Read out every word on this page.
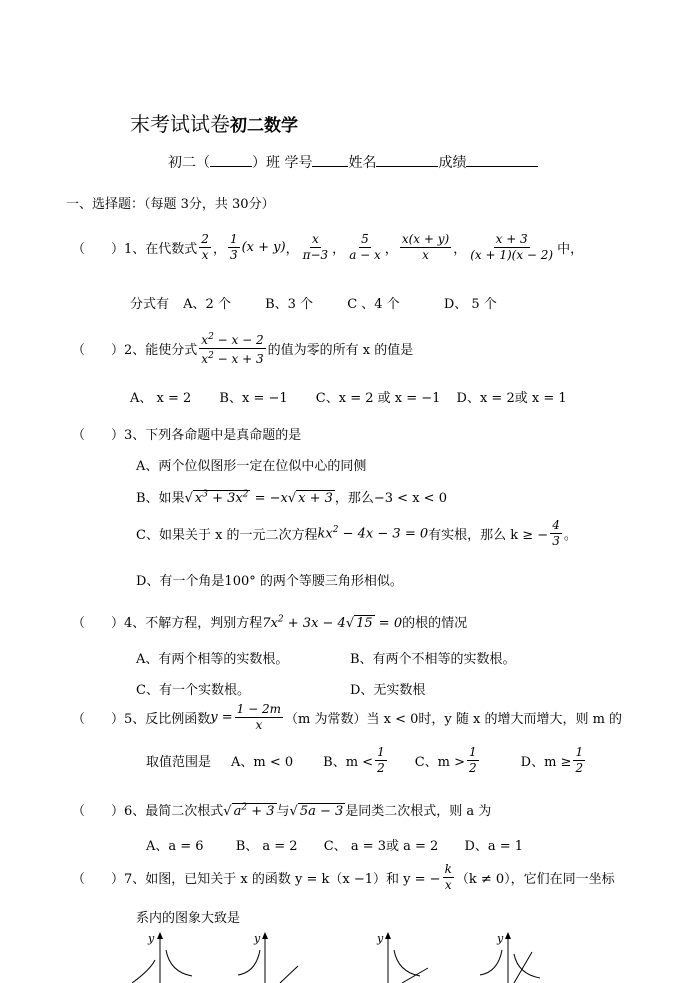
末考试试卷初二数学
初二（	）班 学号	姓名	成绩
一、选择题：（每题 3分，共 30分）
（　　） 1、在代数式 $\frac{2}{x}$ ， $\frac{1}{3} (x + y)$ ， $\frac{x}{\pi-3}$ ， $\frac{5}{a - x}$ ， $\frac{x(x + y)}{x}$ ， $\frac{x + 3}{(x + 1)(x - 2)}$ 中，
分式有 A、2 个	B、3 个	C 、4 个	D、 5 个
（　　） 2、能使分式 $\frac{x^2 - x - 2}{x^2 - x + 3}$ 的值为零的所有 x 的值是
A、 x = 2 B、x = −1 C、x = 2 或 x = −1 D、x = 2或 x = 1
（　　）3、下列各命题中是真命题的是
A、两个位似图形一定在位似中心的同侧
B、如果√ $x^3 + 3x^2 = -x√$ x + 3 ，那么−3 < x < 0
C、如果关于 x 的一元二次方程 $kx^2 - 4x - 3 = 0$ 有实根，那么 k ≥ − $\frac{4}{3}$ 。
D、有一个角是100° 的两个等腰三角形相似。
（　　）4、不解方程，判别方程$7x^2 + 3x - 4√$ 15 = 0的根的情况
A、有两个相等的实数根。	B、有两个不相等的实数根。
C、有一个实数根。	D、无实数根
（　　） 5、反比例函数 $y = \frac{1 - 2m}{x} (m$ 为常数）当 x < 0时，y 随 x 的增大而增大，则 m 的
取值范围是 A、m < 0 B、$m < \frac{1}{2}$ C、$m > \frac{1}{2}$	D、$m \ge \frac{1}{2}$
（　　）6、最简二次根式√ $a^2 + 3$ 与√ 5a − 3 是同类二次根式，则 a 为
A、a = 6 B、 a = 2 C、 a = 3或 a = 2 D、a = 1
（　　） 7、如图，已知关于 x 的函数 y = k（x −1）和 y = − $\frac{k}{x} (k \ne 0)$，它们在同一坐标
系内的图象大致是
y	y	y	y
